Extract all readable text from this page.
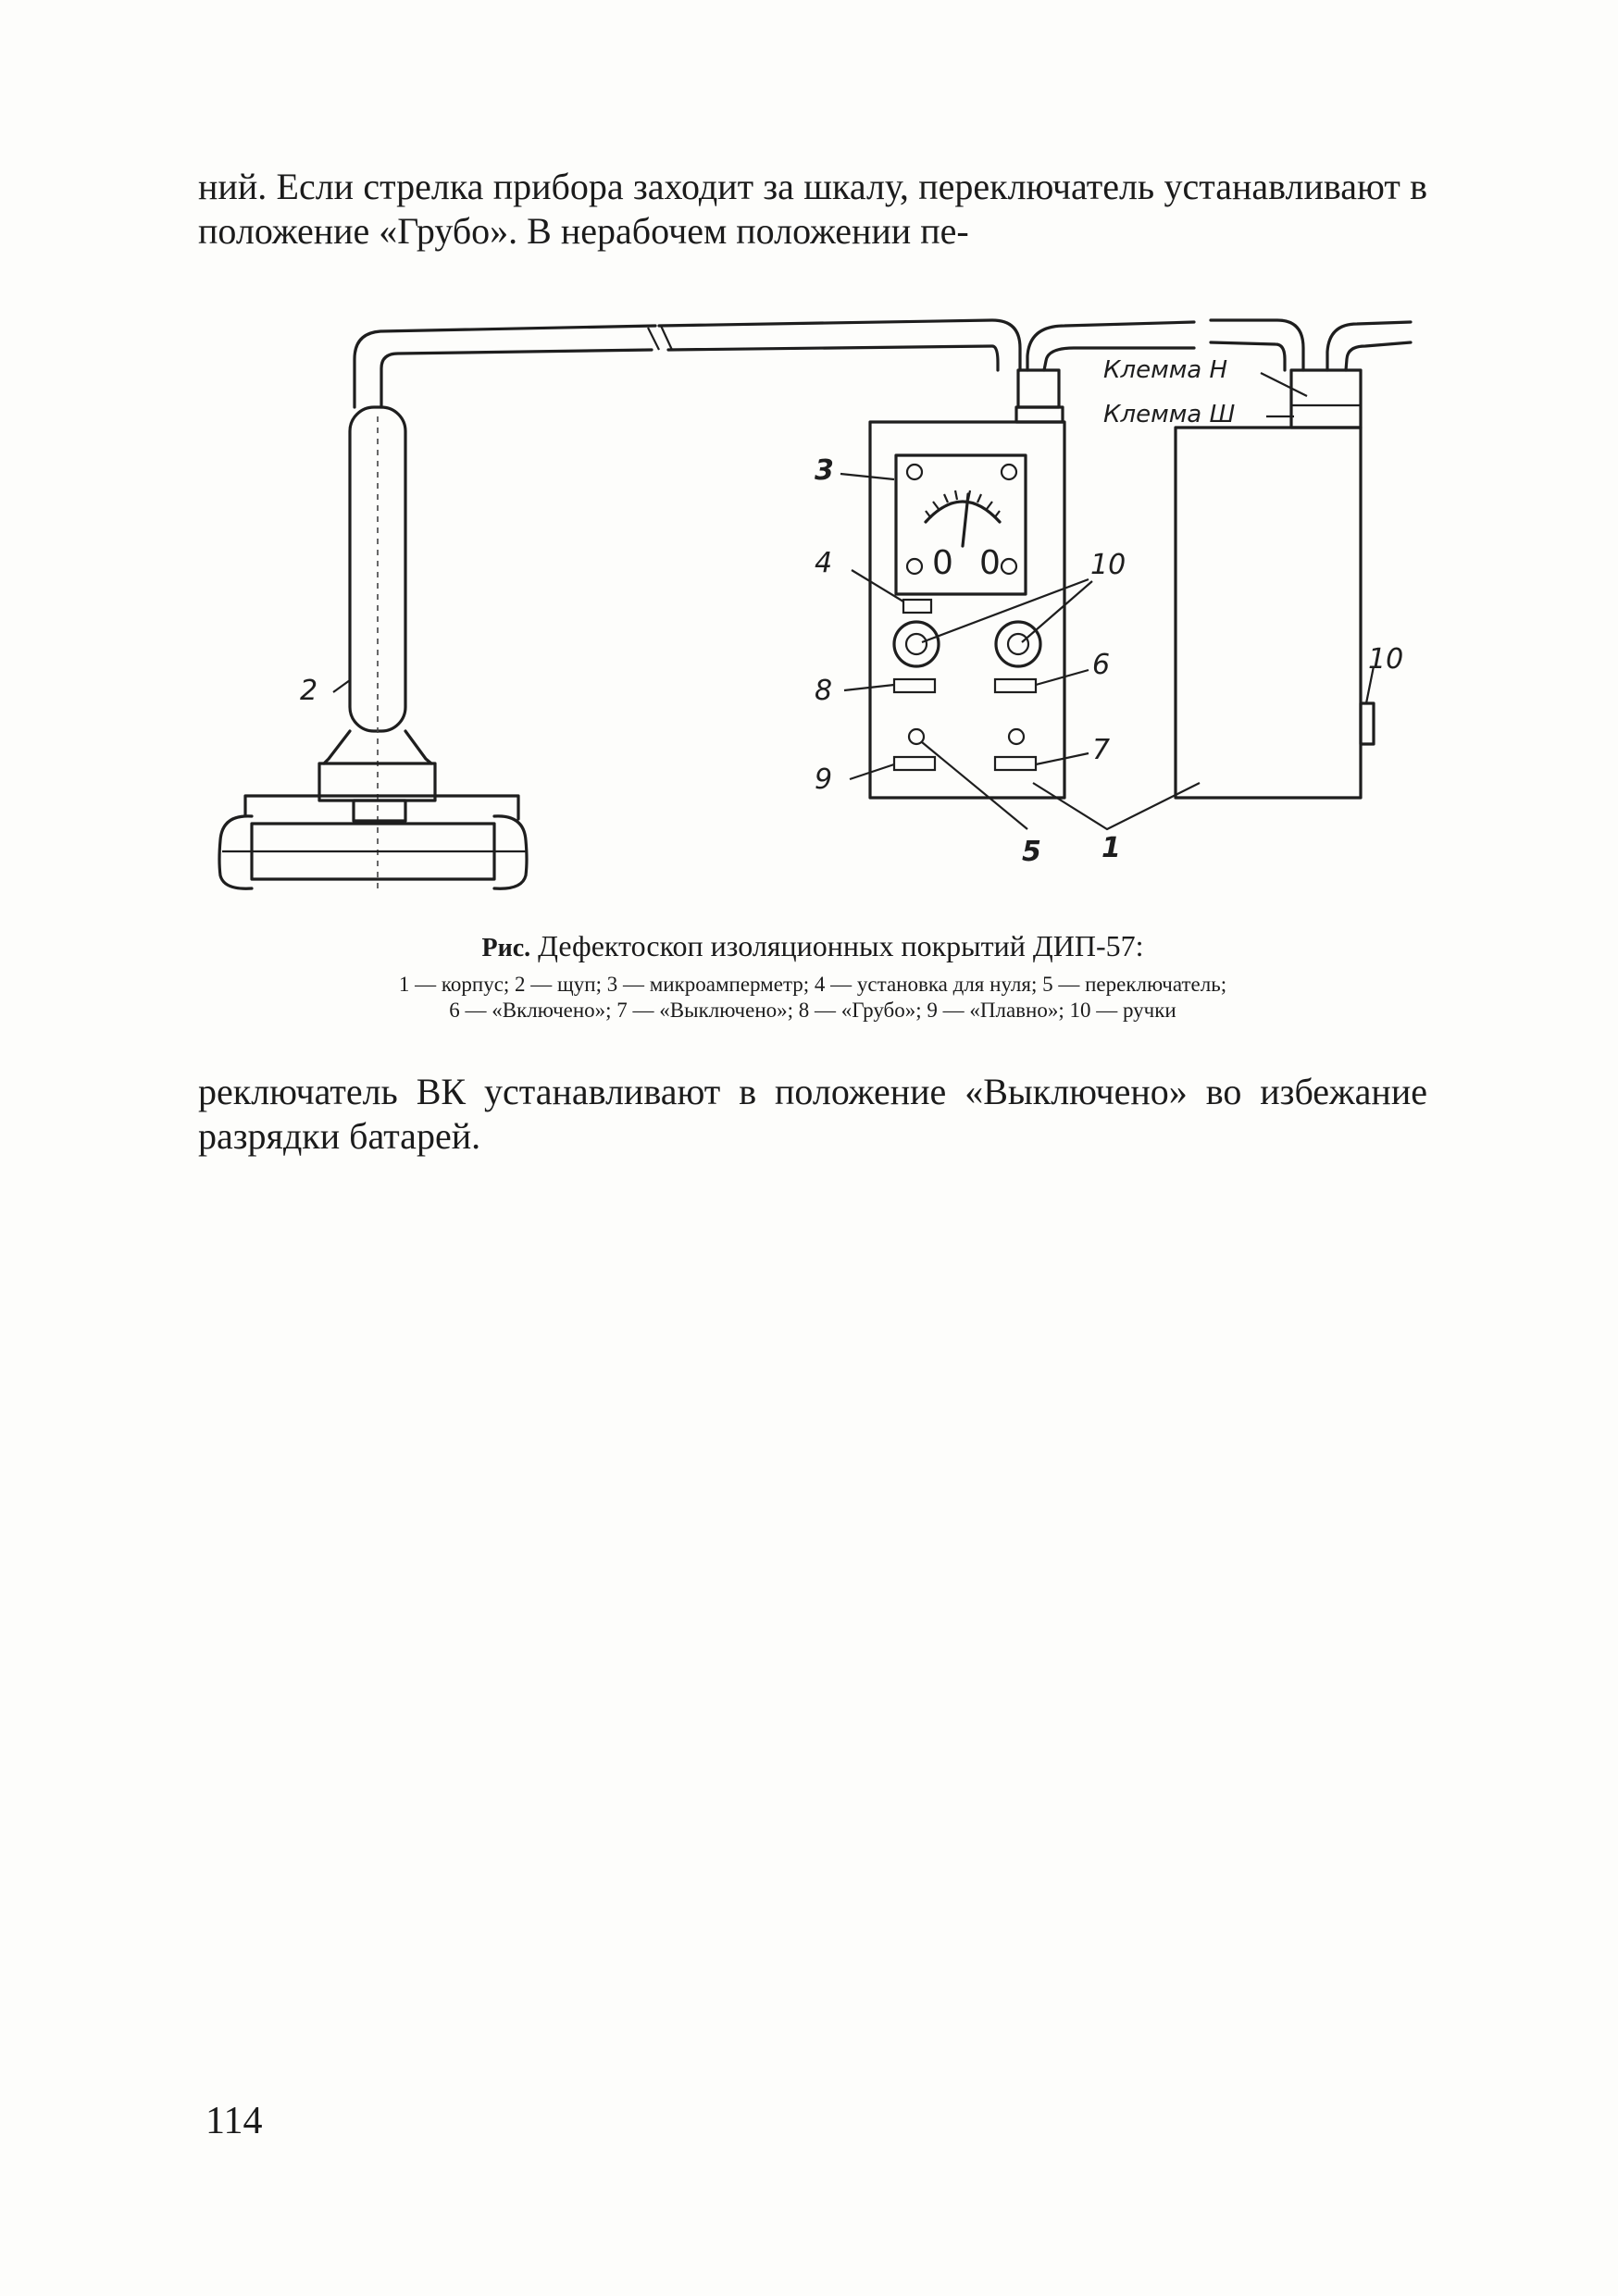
ний. Если стрелка прибора заходит за шкалу, переключатель устанавливают в положение «Грубо». В нерабочем положении пе-

0 0
Клемма Н
Клемма Ш
3
4	10
10
2	8
6
9
7
5 1
Рис. Дефектоскоп изоляционных покрытий ДИП-57:
1 — корпус; 2 — щуп; 3 — микроамперметр; 4 — установка для нуля; 5 — переключатель;
6 — «Включено»; 7 — «Выключено»; 8 — «Грубо»; 9 — «Плавно»; 10 — ручки

реключатель ВК устанавливают в положение «Выключено» во избежание разрядки батарей.

114
